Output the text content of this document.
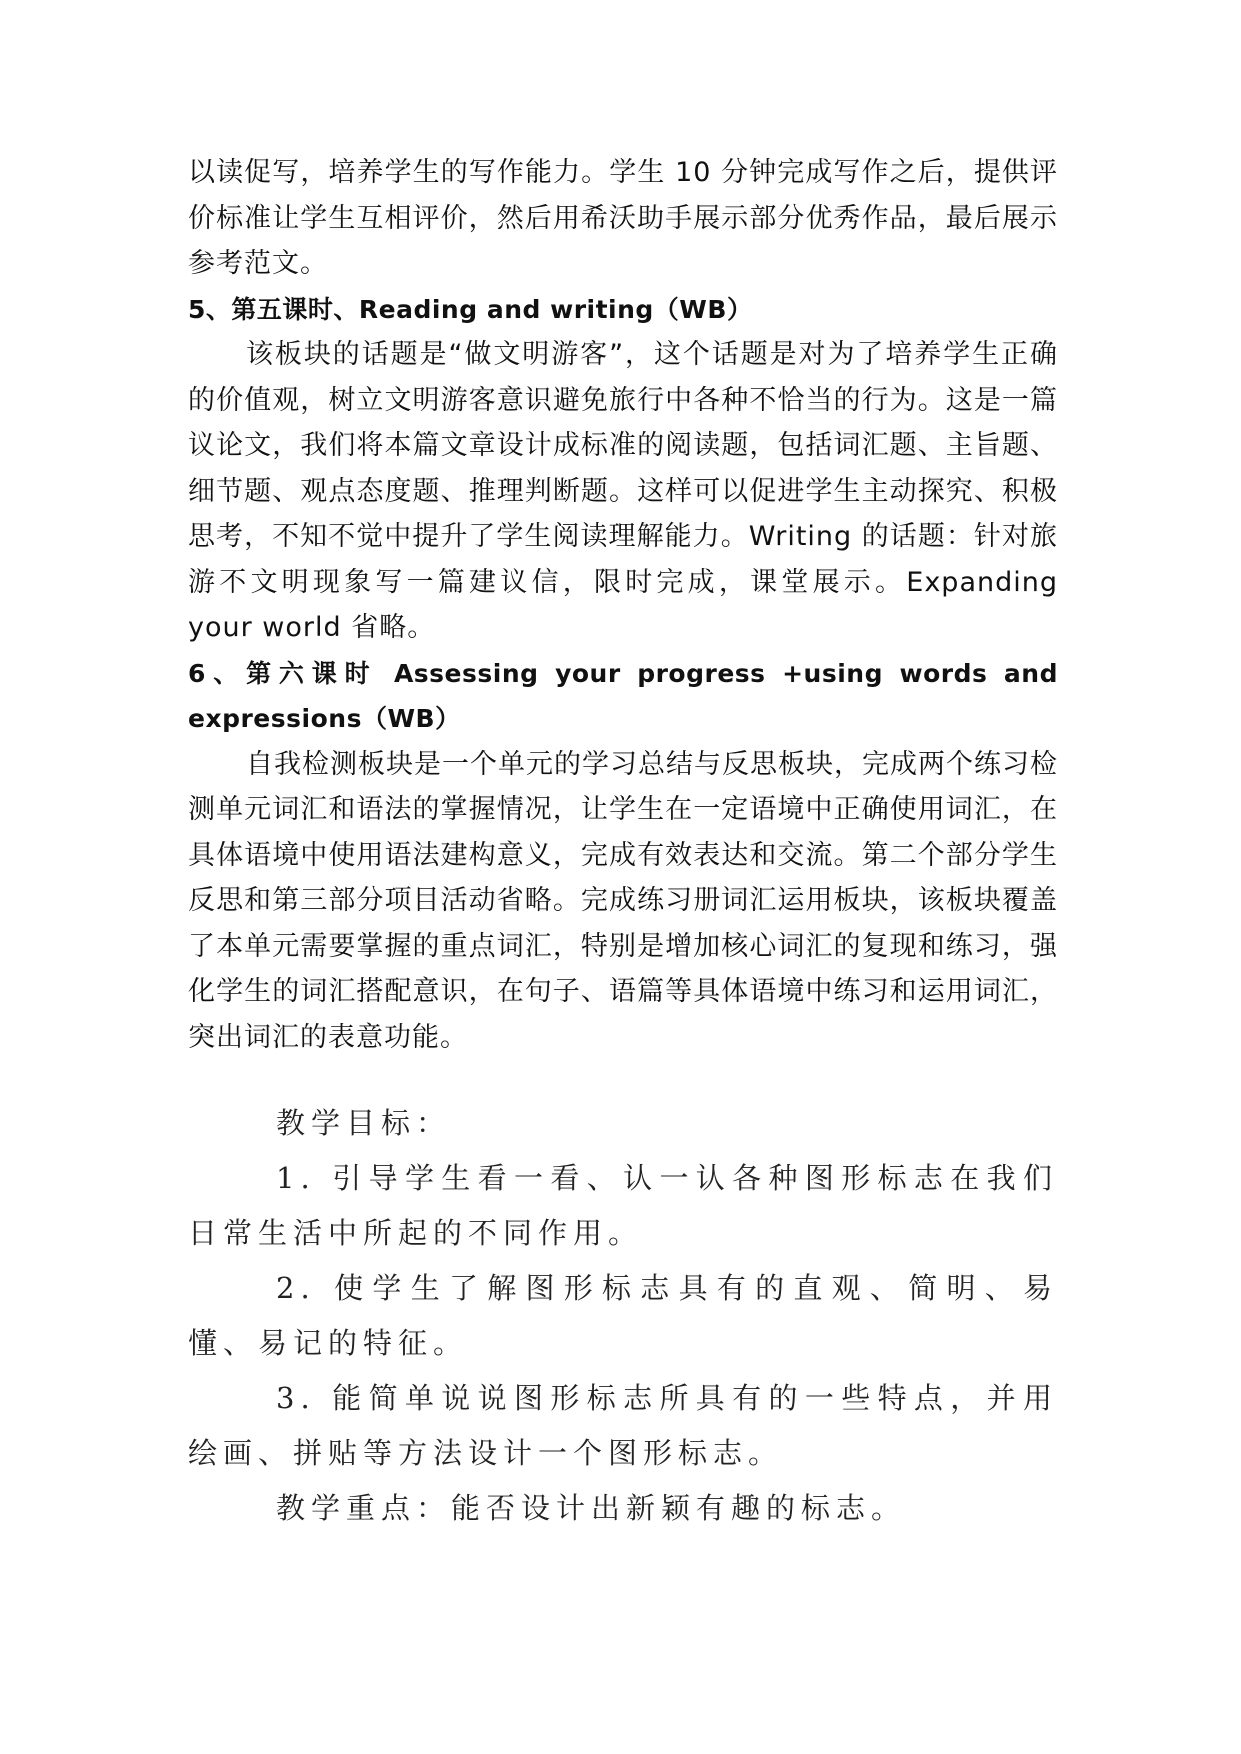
以读促写，培养学生的写作能力。学生 10 分钟完成写作之后，提供评价标准让学生互相评价，然后用希沃助手展示部分优秀作品，最后展示参考范文。

5、第五课时、Reading and writing（WB）

该板块的话题是“做文明游客”，这个话题是对为了培养学生正确的价值观，树立文明游客意识避免旅行中各种不恰当的行为。这是一篇议论文，我们将本篇文章设计成标准的阅读题，包括词汇题、主旨题、细节题、观点态度题、推理判断题。这样可以促进学生主动探究、积极思考，不知不觉中提升了学生阅读理解能力。Writing 的话题：针对旅游不文明现象写一篇建议信，限时完成，课堂展示。Expanding your world 省略。

6、第六课时 Assessing your progress +using words and expressions（WB）

自我检测板块是一个单元的学习总结与反思板块，完成两个练习检测单元词汇和语法的掌握情况，让学生在一定语境中正确使用词汇，在具体语境中使用语法建构意义，完成有效表达和交流。第二个部分学生反思和第三部分项目活动省略。完成练习册词汇运用板块，该板块覆盖了本单元需要掌握的重点词汇，特别是增加核心词汇的复现和练习，强化学生的词汇搭配意识，在句子、语篇等具体语境中练习和运用词汇，突出词汇的表意功能。

教学目标：

1. 引导学生看一看、认一认各种图形标志在我们日常生活中所起的不同作用。

2. 使学生了解图形标志具有的直观、简明、易懂、易记的特征。

3. 能简单说说图形标志所具有的一些特点，并用绘画、拼贴等方法设计一个图形标志。

教学重点：能否设计出新颖有趣的标志。
